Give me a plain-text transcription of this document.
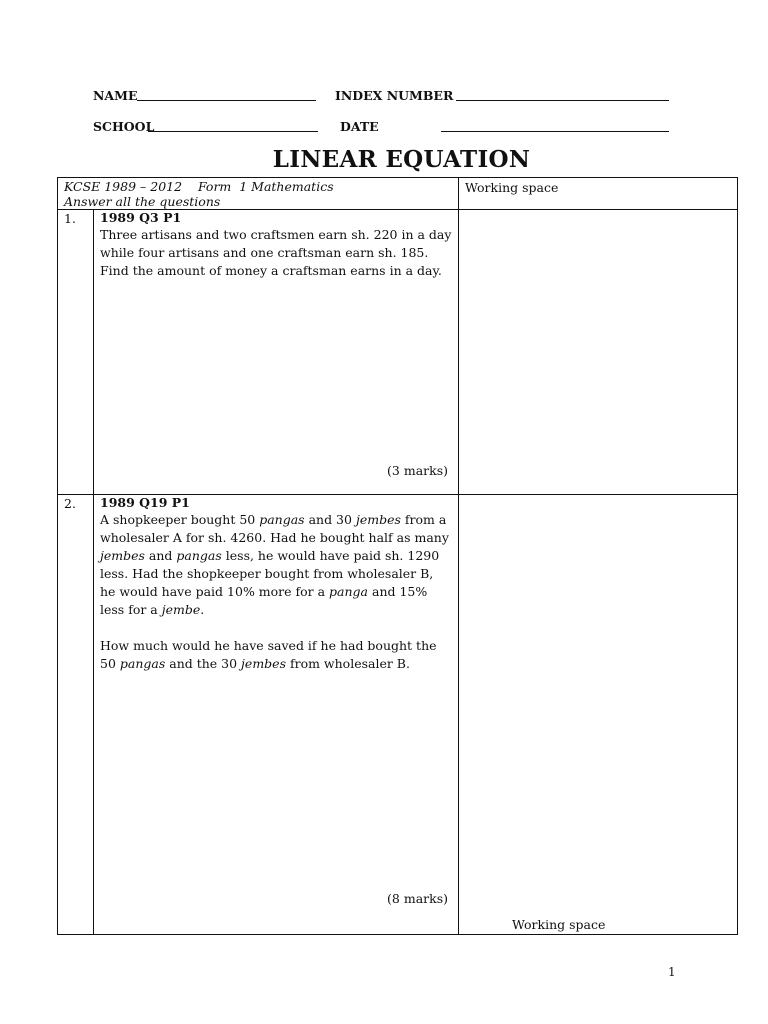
NAME	INDEX NUMBER
SCHOOL	DATE
LINEAR EQUATION
KCSE 1989 – 2012    Form  1 Mathematics
Answer all the questions		Working space
1.	1989 Q3 P1

Three artisans and two craftsmen earn sh. 220 in a day while four artisans and one craftsman earn sh. 185. Find the amount of money a craftsman earns in a day.

(3 marks)	

2.	1989 Q19 P1

A shopkeeper bought 50 pangas and 30 jembes from a wholesaler A for sh. 4260. Had he bought half as many jembes and pangas less, he would have paid sh. 1290 less. Had the shopkeeper bought from wholesaler B, he would have paid 10% more for a panga and 15% less for a jembe.

How much would he have saved if he had bought the 50 pangas and the 30 jembes from wholesaler B.

(8 marks)	Working space
1
